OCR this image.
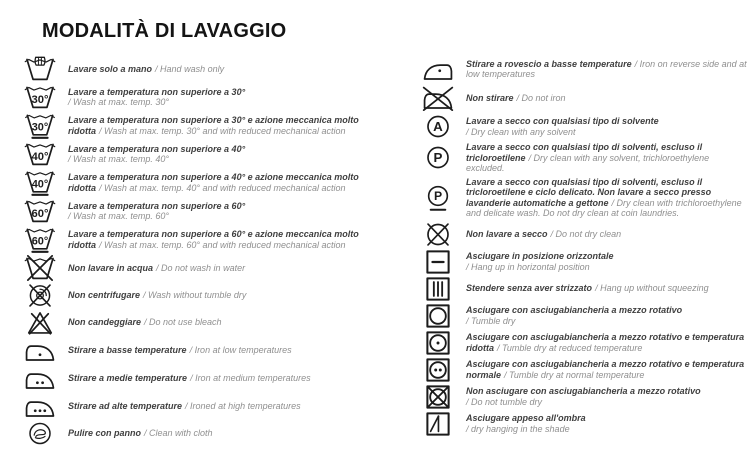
MODALITÀ DI LAVAGGIO
Lavare solo a mano / Hand wash only
30°
Lavare a temperatura non superiore a 30°
/ Wash at max. temp. 30°
30°
Lavare a temperatura non superiore a 30° e azione meccanica molto ridotta / Wash at max. temp. 30° and with reduced mechanical action
40°
Lavare a temperatura non superiore a 40°
/ Wash at max. temp. 40°
40°
Lavare a temperatura non superiore a 40° e azione meccanica molto ridotta / Wash at max. temp. 40° and with reduced mechanical action
60°
Lavare a temperatura non superiore a 60°
/ Wash at max. temp. 60°
60°
Lavare a temperatura non superiore a 60° e azione meccanica molto ridotta / Wash at max. temp. 60° and with reduced mechanical action
Non lavare in acqua / Do not wash in water
Non centrifugare / Wash without tumble dry
Non candeggiare / Do not use bleach
Stirare a basse temperature / Iron at low temperatures
Stirare a medie temperature / Iron at medium temperatures
Stirare ad alte temperature / Ironed at high temperatures
Pulire con panno / Clean with cloth
Stirare a rovescio a basse temperature / Iron on reverse side and at low temperatures
Non stirare / Do not iron
A	Lavare a secco con qualsiasi tipo di solvente
/ Dry clean with any solvent
P
Lavare a secco con qualsiasi tipo di solventi, escluso il tricloroetilene / Dry clean with any solvent, trichloroethylene excluded.
P
Lavare a secco con qualsiasi tipo di solventi, escluso il tricloroetilene e ciclo delicato. Non lavare a secco presso lavanderie automatiche a gettone / Dry clean with trichloroethylene and delicate wash. Do not dry clean at coin laundries.
Non lavare a secco / Do not dry clean
Asciugare in posizione orizzontale
/ Hang up in horizontal position
Stendere senza aver strizzato / Hang up without squeezing
Asciugare con asciugabiancheria a mezzo rotativo
/ Tumble dry
Asciugare con asciugabiancheria a mezzo rotativo e temperatura ridotta / Tumble dry at reduced temperature
Asciugare con asciugabiancheria a mezzo rotativo e temperatura normale / Tumble dry at normal temperature
Non asciugare con asciugabiancheria a mezzo rotativo
/ Do not tumble dry
Asciugare appeso all'ombra
/ dry hanging in the shade
